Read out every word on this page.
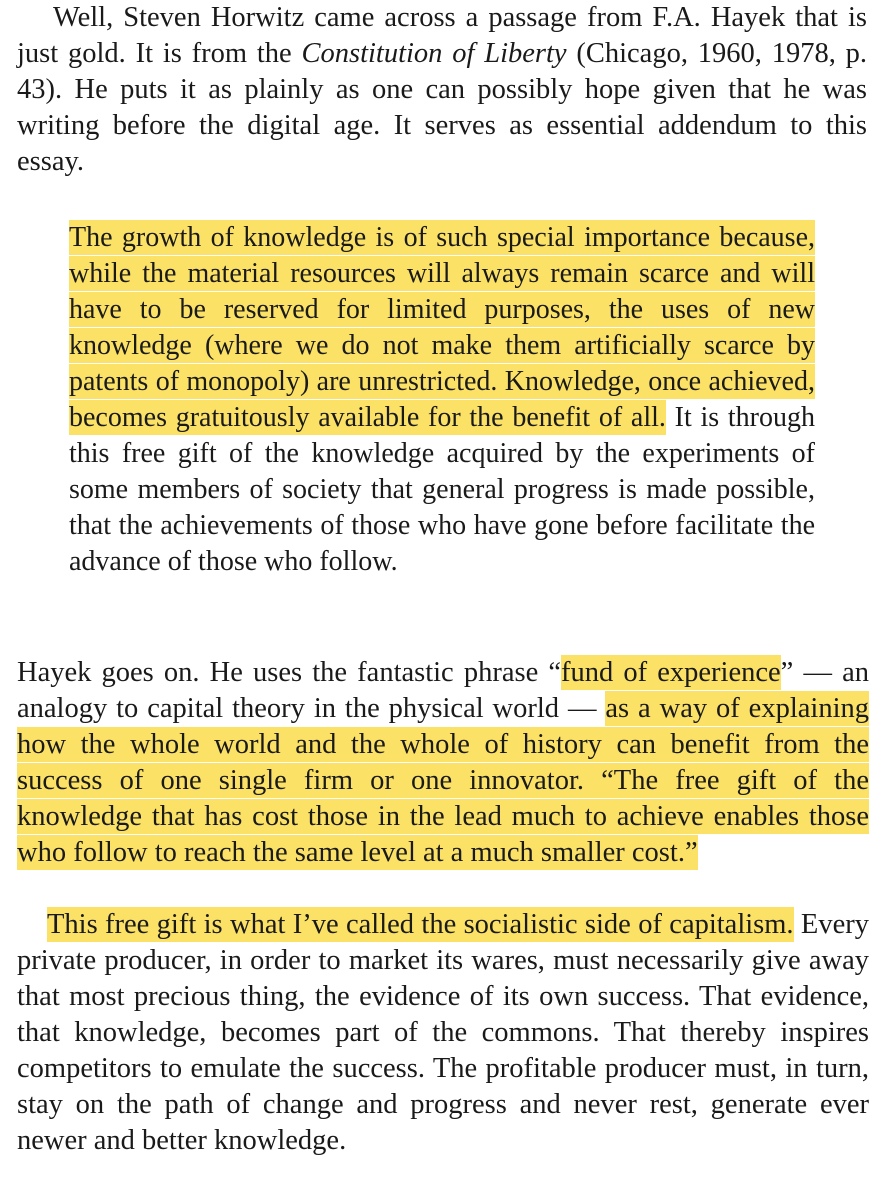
Well, Steven Horwitz came across a passage from F.A. Hayek that is just gold. It is from the Constitution of Liberty (Chicago, 1960, 1978, p. 43). He puts it as plainly as one can possibly hope given that he was writing before the digital age. It serves as essential addendum to this essay.

The growth of knowledge is of such special importance because, while the material resources will always remain scarce and will have to be reserved for limited purposes, the uses of new knowledge (where we do not make them artificially scarce by patents of monopoly) are unrestricted. Knowledge, once achieved, becomes gratuitously available for the benefit of all. It is through this free gift of the knowledge acquired by the experiments of some members of society that general progress is made possible, that the achievements of those who have gone before facilitate the advance of those who follow.

Hayek goes on. He uses the fantastic phrase “fund of experience” — an analogy to capital theory in the physical world — as a way of explaining how the whole world and the whole of history can benefit from the success of one single firm or one innovator. “The free gift of the knowledge that has cost those in the lead much to achieve enables those who follow to reach the same level at a much smaller cost.”

This free gift is what I’ve called the socialistic side of capitalism. Every private producer, in order to market its wares, must necessarily give away that most precious thing, the evidence of its own success. That evidence, that knowledge, becomes part of the commons. That thereby inspires competitors to emulate the success. The profitable producer must, in turn, stay on the path of change and progress and never rest, generate ever newer and better knowledge.
